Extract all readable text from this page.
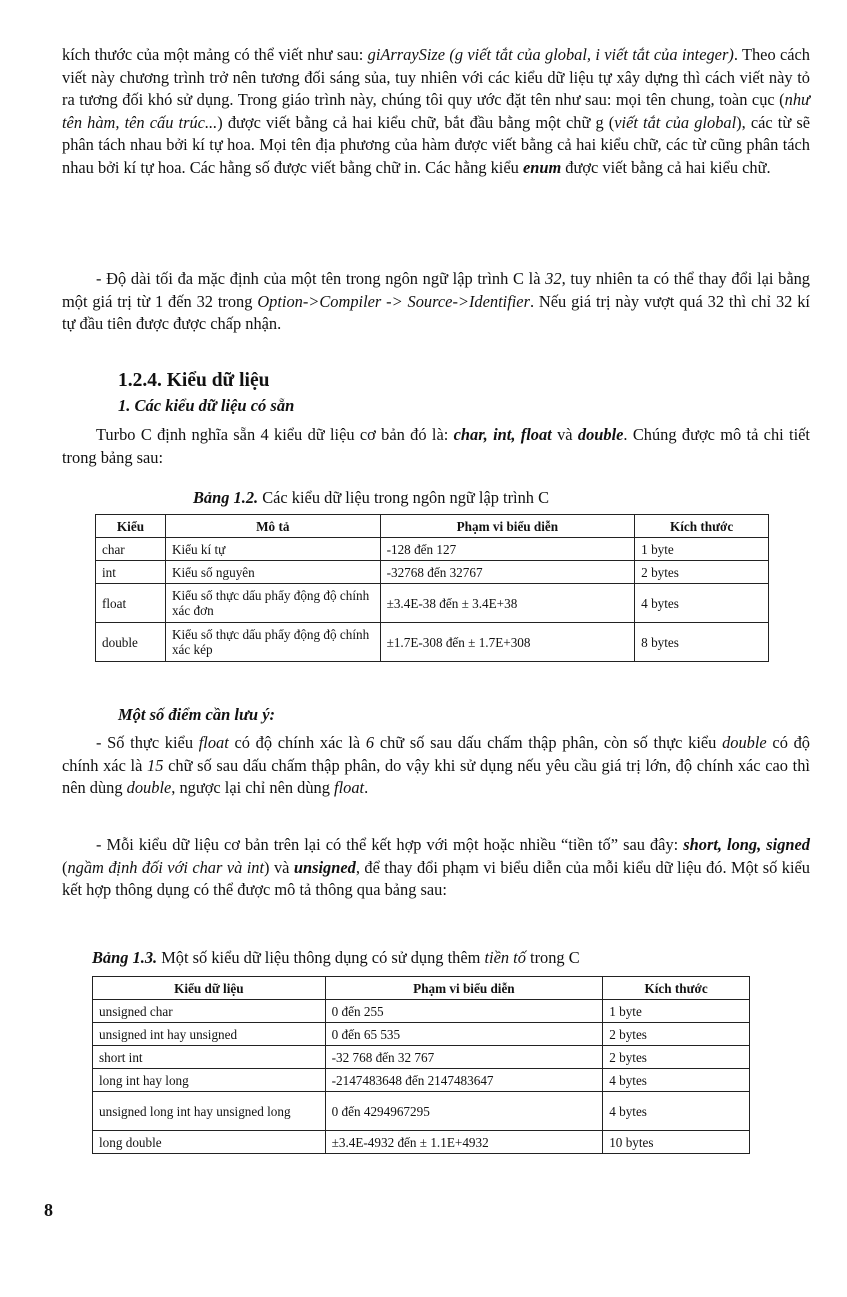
kích thước của một mảng có thể viết như sau: giArraySize (g viết tắt của global, i viết tắt của integer). Theo cách viết này chương trình trở nên tương đối sáng sủa, tuy nhiên với các kiểu dữ liệu tự xây dựng thì cách viết này tỏ ra tương đối khó sử dụng. Trong giáo trình này, chúng tôi quy ước đặt tên như sau: mọi tên chung, toàn cục (như tên hàm, tên cấu trúc...) được viết bằng cả hai kiểu chữ, bắt đầu bằng một chữ g (viết tắt của global), các từ sẽ phân tách nhau bởi kí tự hoa. Mọi tên địa phương của hàm được viết bằng cả hai kiểu chữ, các từ cũng phân tách nhau bởi kí tự hoa. Các hằng số được viết bằng chữ in. Các hằng kiểu enum được viết bằng cả hai kiểu chữ.

- Độ dài tối đa mặc định của một tên trong ngôn ngữ lập trình C là 32, tuy nhiên ta có thể thay đổi lại bằng một giá trị từ 1 đến 32 trong Option->Compiler -> Source->Identifier. Nếu giá trị này vượt quá 32 thì chỉ 32 kí tự đầu tiên được được chấp nhận.

1.2.4. Kiểu dữ liệu
1. Các kiểu dữ liệu có sẵn

Turbo C định nghĩa sẵn 4 kiểu dữ liệu cơ bản đó là: char, int, float và double. Chúng được mô tả chi tiết trong bảng sau:

Bảng 1.2. Các kiểu dữ liệu trong ngôn ngữ lập trình C

Kiểu	Mô tả	Phạm vi biểu diễn	Kích thước
char	Kiểu kí tự	-128 đến 127	1 byte
int	Kiểu số nguyên	-32768 đến 32767	2 bytes
float	Kiểu số thực dấu phẩy động độ chính xác đơn	±3.4E-38 đến ± 3.4E+38	4 bytes
double	Kiểu số thực dấu phẩy động độ chính xác kép	±1.7E-308 đến ± 1.7E+308	8 bytes

Một số điểm cần lưu ý:

- Số thực kiểu float có độ chính xác là 6 chữ số sau dấu chấm thập phân, còn số thực kiểu double có độ chính xác là 15 chữ số sau dấu chấm thập phân, do vậy khi sử dụng nếu yêu cầu giá trị lớn, độ chính xác cao thì nên dùng double, ngược lại chỉ nên dùng float.

- Mỗi kiểu dữ liệu cơ bản trên lại có thể kết hợp với một hoặc nhiều “tiền tố” sau đây: short, long, signed (ngầm định đối với char và int) và unsigned, để thay đổi phạm vi biểu diễn của mỗi kiểu dữ liệu đó. Một số kiểu kết hợp thông dụng có thể được mô tả thông qua bảng sau:

Bảng 1.3. Một số kiểu dữ liệu thông dụng có sử dụng thêm tiền tố trong C

Kiểu dữ liệu	Phạm vi biểu diễn	Kích thước
unsigned char	0 đến 255	1 byte
unsigned int hay unsigned	0 đến 65 535	2 bytes
short int	-32 768 đến 32 767	2 bytes
long int hay long	-2147483648 đến 2147483647	4 bytes
unsigned long int hay unsigned long	0 đến 4294967295	4 bytes
long double	±3.4E-4932 đến ± 1.1E+4932	10 bytes

8
